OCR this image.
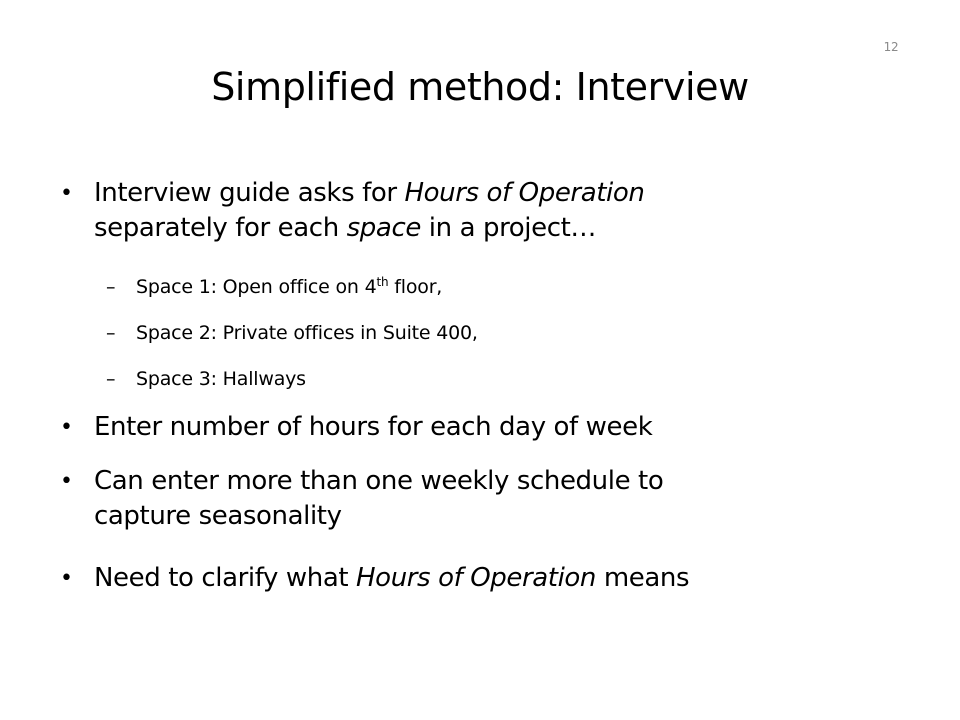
12
Simplified method: Interview
• Interview guide asks for Hours of Operation
separately for each space in a project…
–	Space 1: Open office on 4th floor,
–	Space 2: Private offices in Suite 400,
–	Space 3: Hallways
• Enter number of hours for each day of week
• Can enter more than one weekly schedule to
capture seasonality
• Need to clarify what Hours of Operation means
